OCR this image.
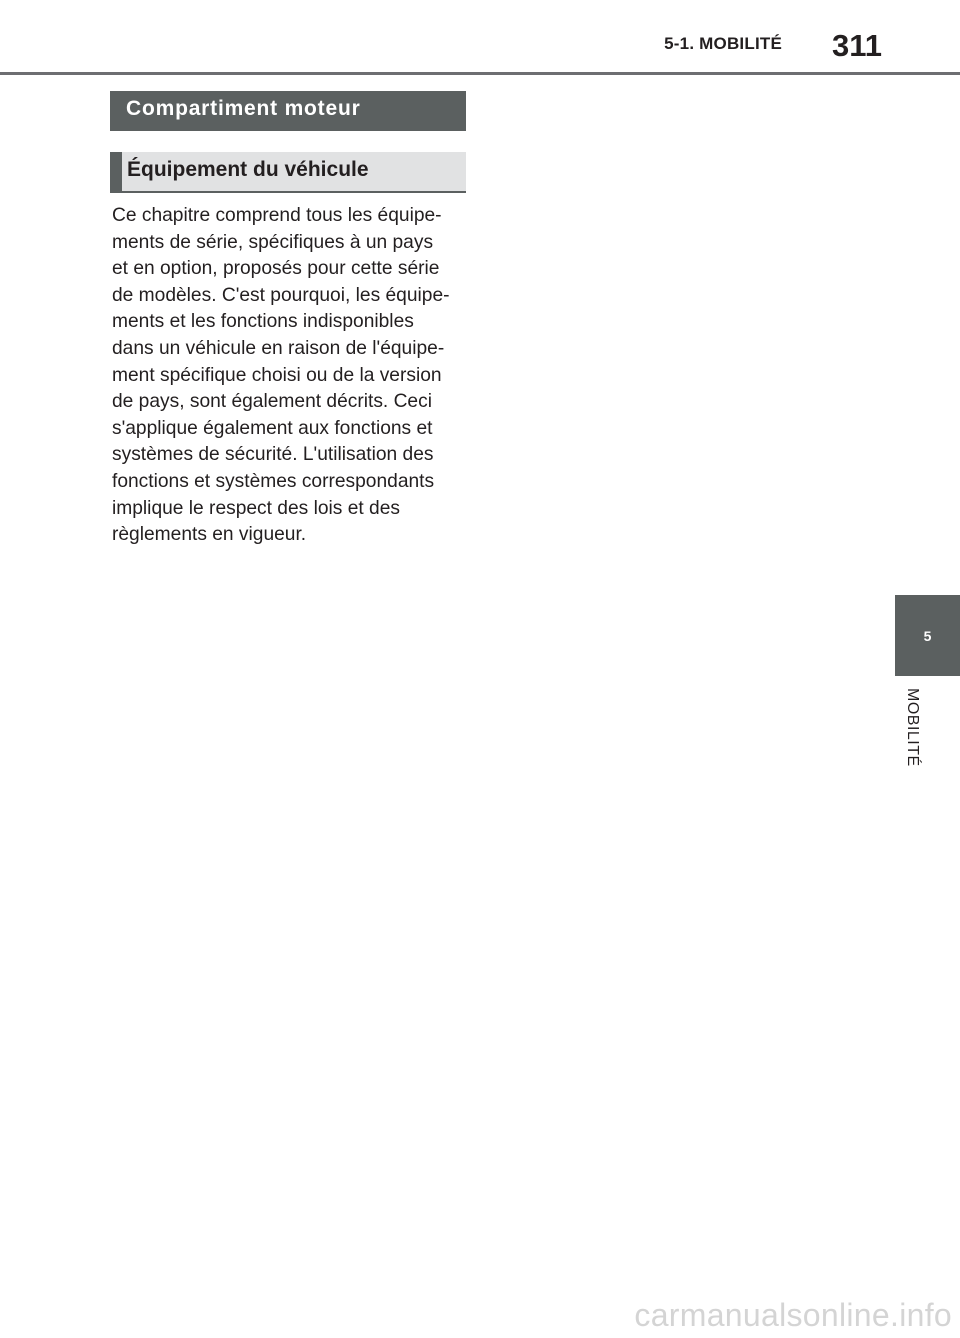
5-1. MOBILITÉ 311
Compartiment moteur
Équipement du véhicule

Ce chapitre comprend tous les équipe-
ments de série, spécifiques à un pays
et en option, proposés pour cette série
de modèles. C'est pourquoi, les équipe-
ments et les fonctions indisponibles
dans un véhicule en raison de l'équipe-
ment spécifique choisi ou de la version
de pays, sont également décrits. Ceci
s'applique également aux fonctions et
systèmes de sécurité. L'utilisation des
fonctions et systèmes correspondants
implique le respect des lois et des
règlements en vigueur.

5
MOBILITÉ
carmanualsonline.info
